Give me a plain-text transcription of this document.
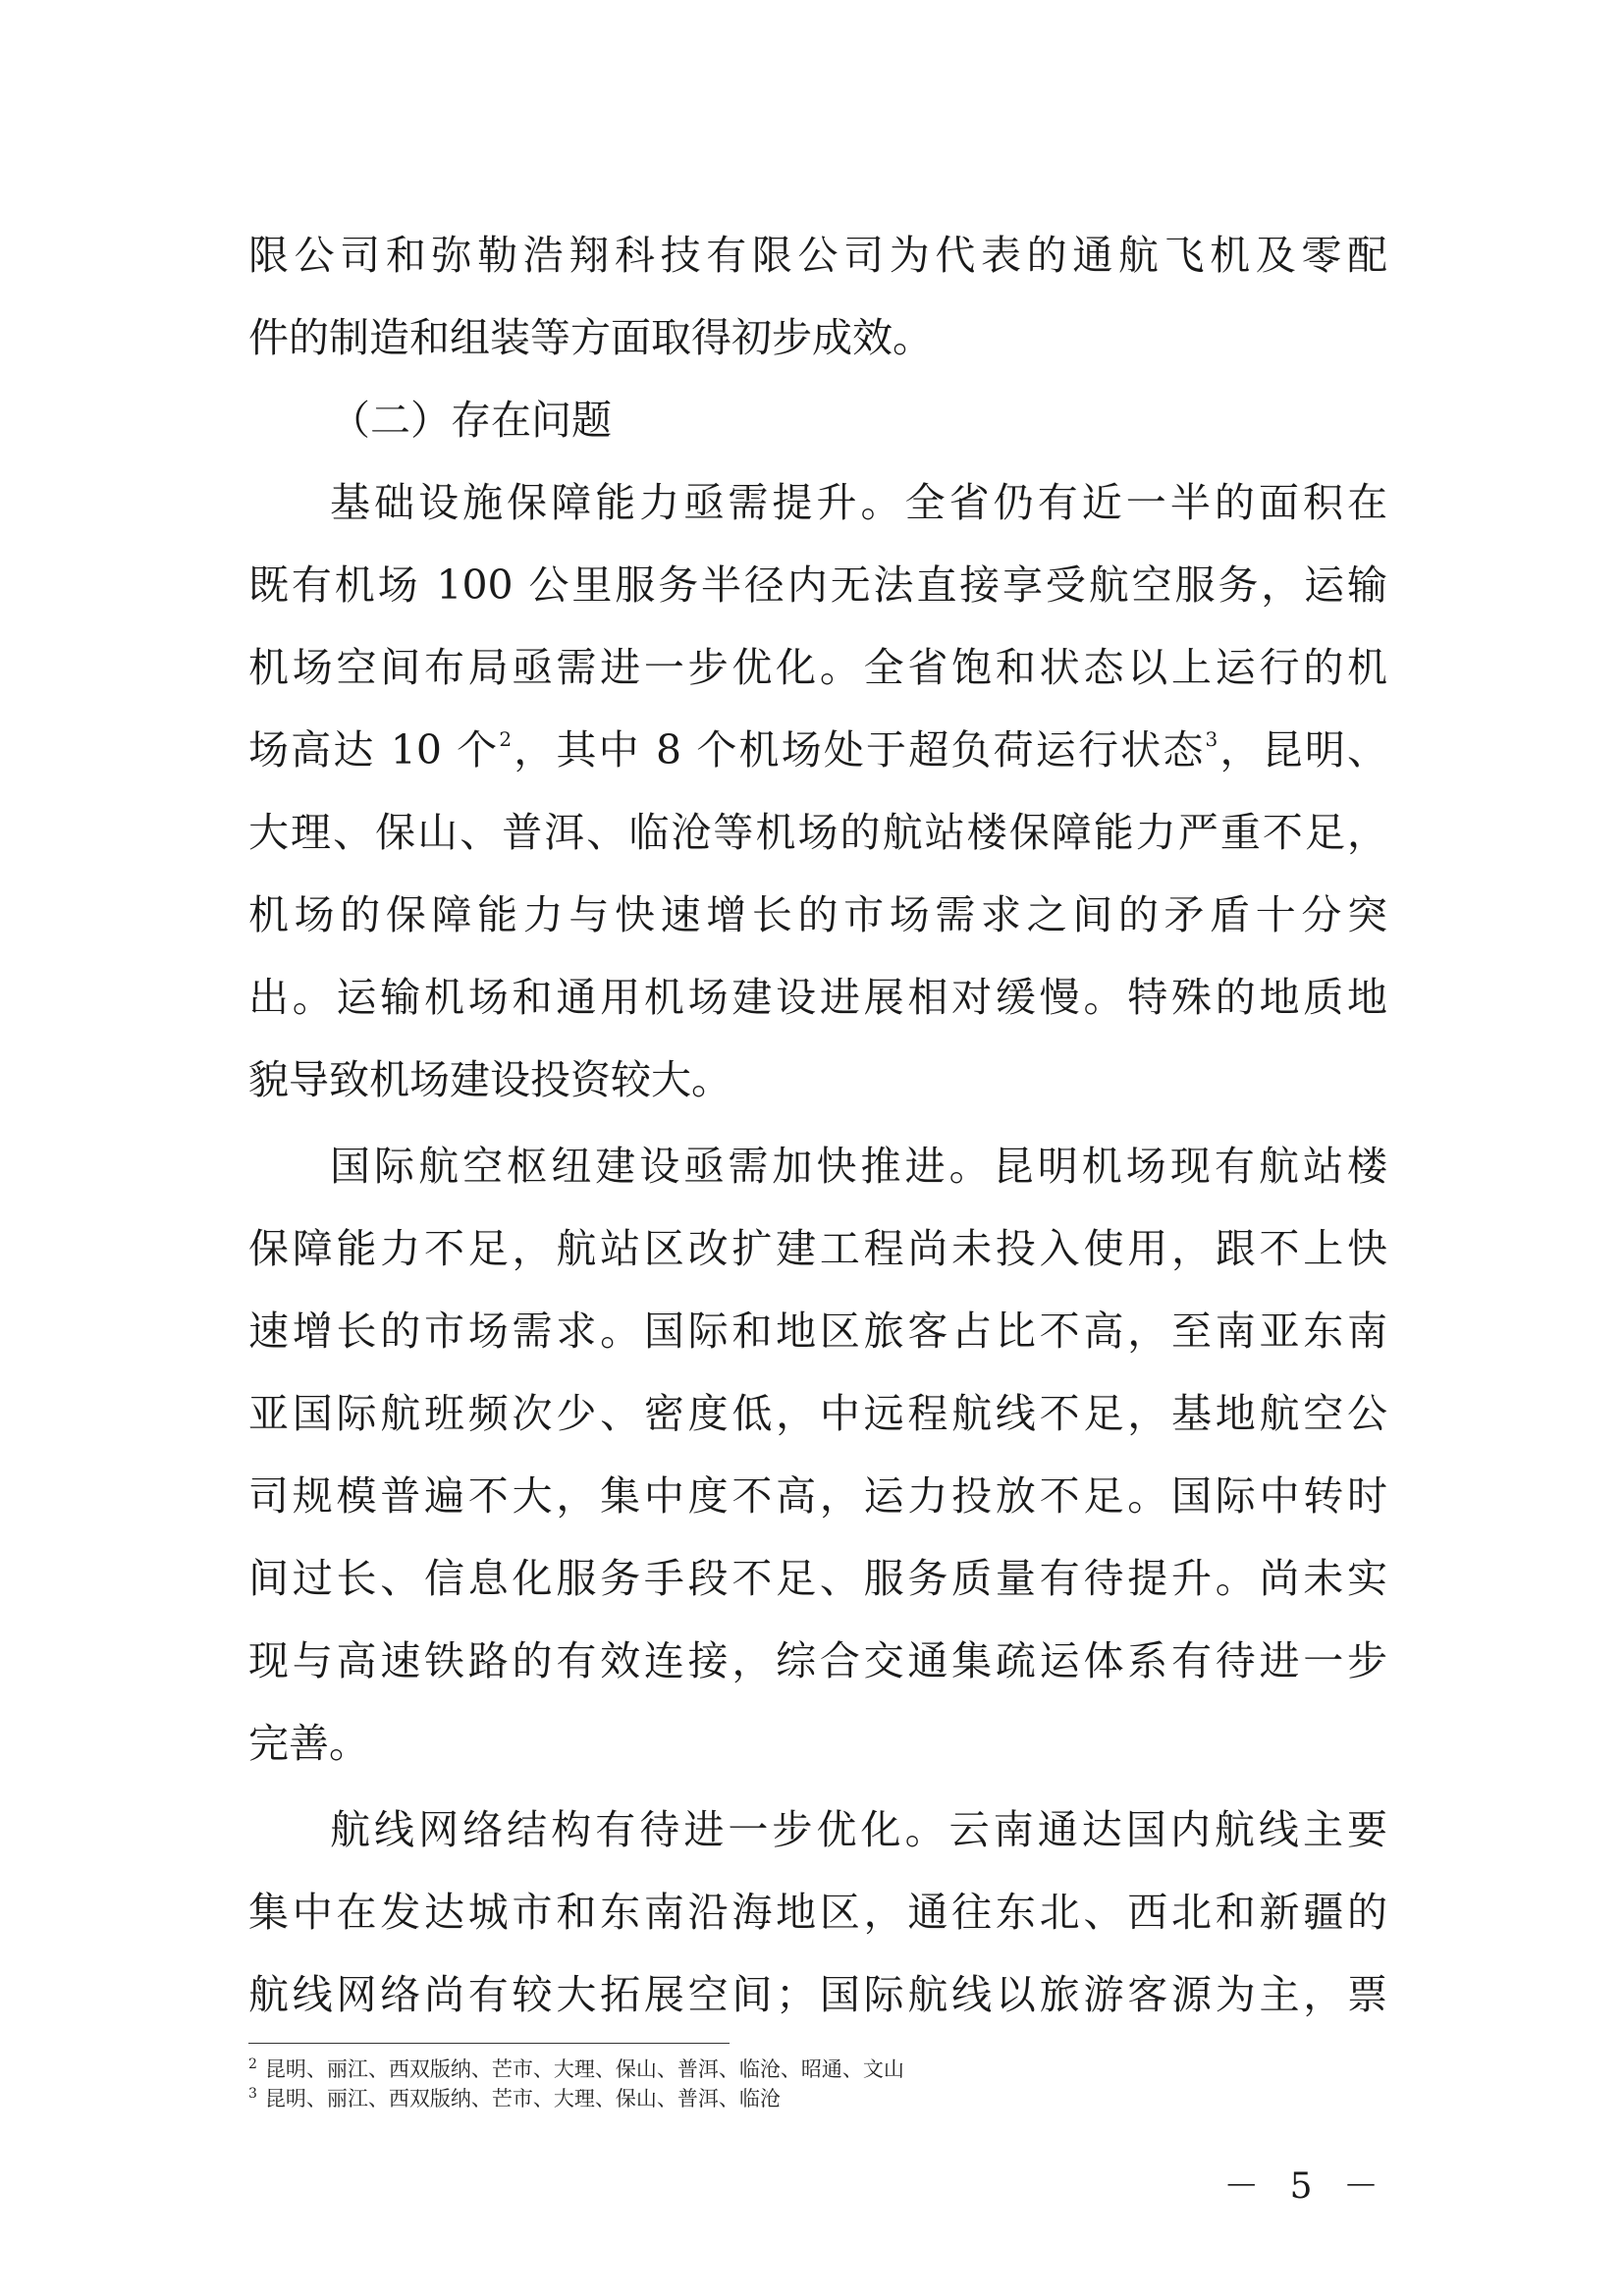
限公司和弥勒浩翔科技有限公司为代表的通航飞机及零配
件的制造和组装等方面取得初步成效。
（二）存在问题
基础设施保障能力亟需提升。全省仍有近一半的面积在
既有机场 100 公里服务半径内无法直接享受航空服务，运输
机场空间布局亟需进一步优化。全省饱和状态以上运行的机
场高达 10 个$^2$，其中 8 个机场处于超负荷运行状态$^3$，昆明、
大理、保山、普洱、临沧等机场的航站楼保障能力严重不足，
机场的保障能力与快速增长的市场需求之间的矛盾十分突
出。运输机场和通用机场建设进展相对缓慢。特殊的地质地
貌导致机场建设投资较大。
国际航空枢纽建设亟需加快推进。昆明机场现有航站楼
保障能力不足，航站区改扩建工程尚未投入使用，跟不上快
速增长的市场需求。国际和地区旅客占比不高，至南亚东南
亚国际航班频次少、密度低，中远程航线不足，基地航空公
司规模普遍不大，集中度不高，运力投放不足。国际中转时
间过长、信息化服务手段不足、服务质量有待提升。尚未实
现与高速铁路的有效连接，综合交通集疏运体系有待进一步
完善。
航线网络结构有待进一步优化。云南通达国内航线主要
集中在发达城市和东南沿海地区，通往东北、西北和新疆的
航线网络尚有较大拓展空间；国际航线以旅游客源为主，票
$^2$ 昆明、丽江、西双版纳、芒市、大理、保山、普洱、临沧、昭通、文山
$^3$ 昆明、丽江、西双版纳、芒市、大理、保山、普洱、临沧
－ 5 －
